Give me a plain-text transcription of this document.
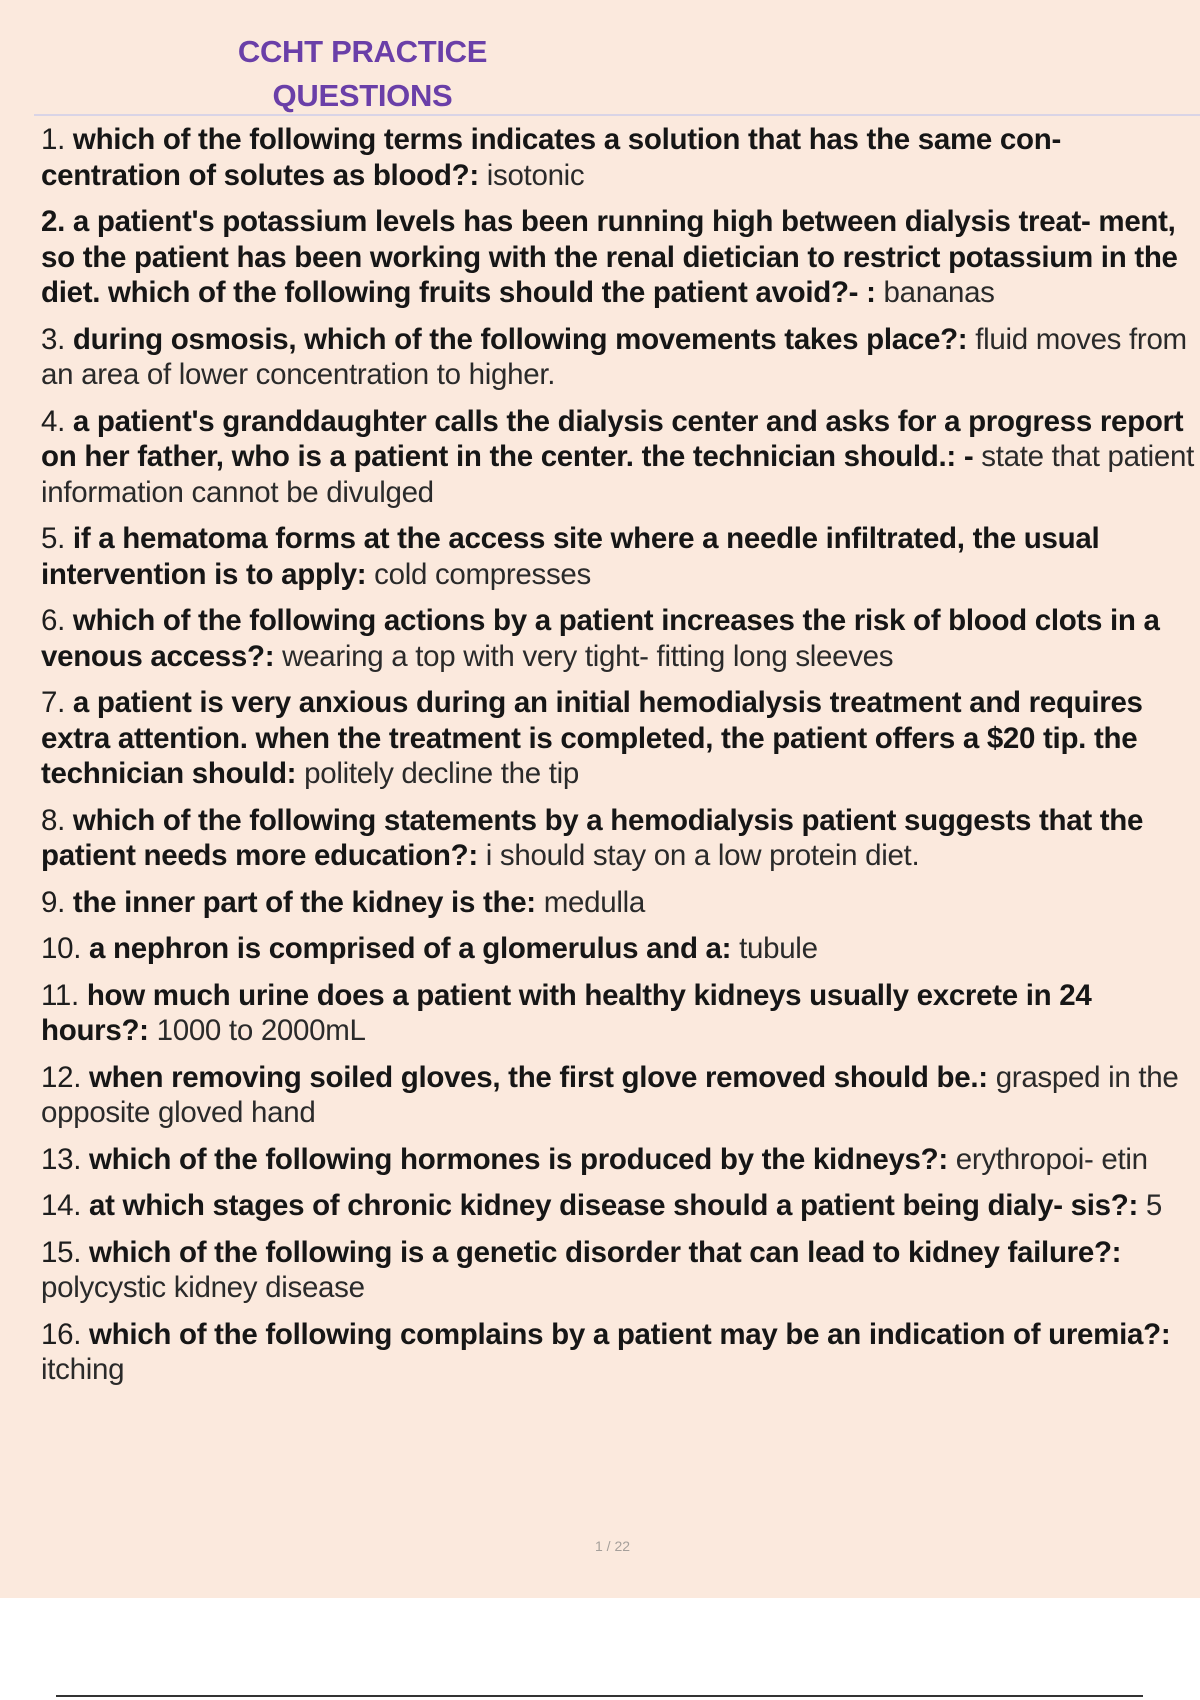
CCHT PRACTICE
QUESTIONS
1. which of the following terms indicates a solution that has the same con- centration of solutes as blood?: isotonic
2. a patient's potassium levels has been running high between dialysis treat- ment, so the patient has been working with the renal dietician to restrict potassium in the diet. which of the following fruits should the patient avoid?- : bananas
3. during osmosis, which of the following movements takes place?: fluid moves from an area of lower concentration to higher.
4. a patient's granddaughter calls the dialysis center and asks for a progress report on her father, who is a patient in the center. the technician should.: - state that patient information cannot be divulged
5. if a hematoma forms at the access site where a needle infiltrated, the usual intervention is to apply: cold compresses
6. which of the following actions by a patient increases the risk of blood clots in a venous access?: wearing a top with very tight- fitting long sleeves
7. a patient is very anxious during an initial hemodialysis treatment and requires extra attention. when the treatment is completed, the patient offers a $20 tip. the technician should: politely decline the tip
8. which of the following statements by a hemodialysis patient suggests that the patient needs more education?: i should stay on a low protein diet.
9. the inner part of the kidney is the: medulla
10. a nephron is comprised of a glomerulus and a: tubule
11. how much urine does a patient with healthy kidneys usually excrete in 24 hours?: 1000 to 2000mL
12. when removing soiled gloves, the first glove removed should be.: grasped in the opposite gloved hand
13. which of the following hormones is produced by the kidneys?: erythropoi- etin
14. at which stages of chronic kidney disease should a patient being dialy- sis?: 5
15. which of the following is a genetic disorder that can lead to kidney failure?: polycystic kidney disease
16. which of the following complains by a patient may be an indication of uremia?: itching
1 / 22
